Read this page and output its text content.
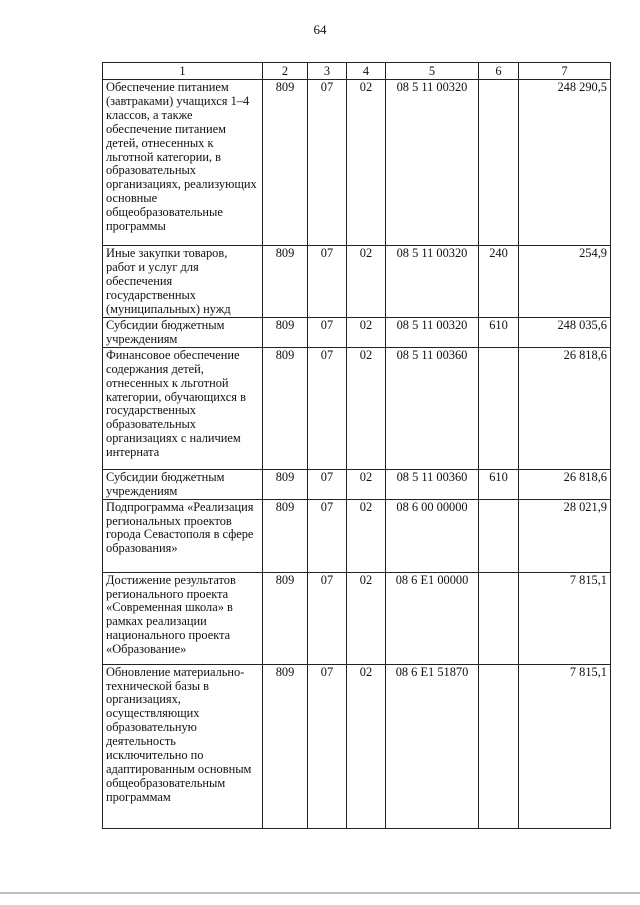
64
1	2	3	4	5	6	7
Обеспечение питанием (завтраками) учащихся 1–4 классов, а также обеспечение питанием детей, отнесенных к льготной категории, в образовательных организациях, реализующих основные общеобразовательные программы	809	07	02	08 5 11 00320		248 290,5
Иные закупки товаров, работ и услуг для обеспечения государственных (муниципальных) нужд	809	07	02	08 5 11 00320	240	254,9
Субсидии бюджетным учреждениям	809	07	02	08 5 11 00320	610	248 035,6
Финансовое обеспечение содержания детей, отнесенных к льготной категории, обучающихся в государственных образовательных организациях с наличием интерната	809	07	02	08 5 11 00360		26 818,6
Субсидии бюджетным учреждениям	809	07	02	08 5 11 00360	610	26 818,6
Подпрограмма «Реализация региональных проектов города Севастополя в сфере образования»	809	07	02	08 6 00 00000		28 021,9
Достижение результатов регионального проекта «Современная школа» в рамках реализации национального проекта «Образование»	809	07	02	08 6 E1 00000		7 815,1
Обновление материально-технической базы в организациях, осуществляющих образовательную деятельность исключительно по адаптированным основным общеобразовательным программам	809	07	02	08 6 E1 51870		7 815,1
